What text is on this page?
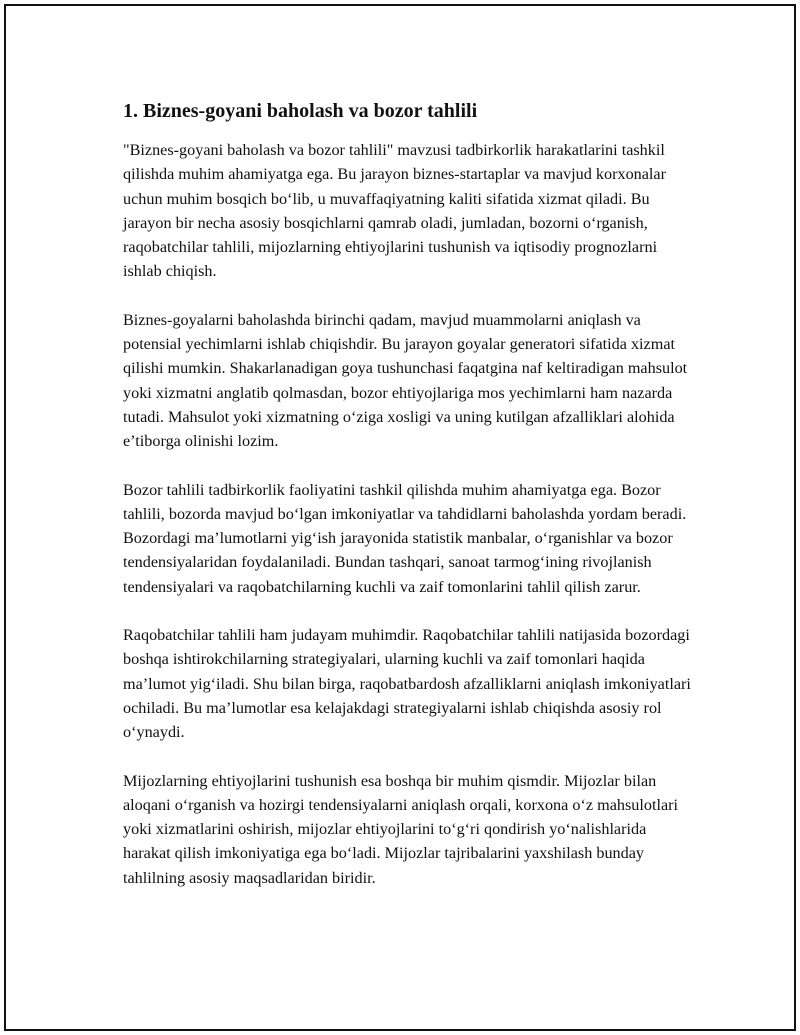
1. Biznes-goyani baholash va bozor tahlili

"Biznes-goyani baholash va bozor tahlili" mavzusi tadbirkorlik harakatlarini tashkil qilishda muhim ahamiyatga ega. Bu jarayon biznes-startaplar va mavjud korxonalar uchun muhim bosqich bo‘lib, u muvaffaqiyatning kaliti sifatida xizmat qiladi. Bu jarayon bir necha asosiy bosqichlarni qamrab oladi, jumladan, bozorni o‘rganish, raqobatchilar tahlili, mijozlarning ehtiyojlarini tushunish va iqtisodiy prognozlarni ishlab chiqish.

Biznes-goyalarni baholashda birinchi qadam, mavjud muammolarni aniqlash va potensial yechimlarni ishlab chiqishdir. Bu jarayon goyalar generatori sifatida xizmat qilishi mumkin. Shakarlanadigan goya tushunchasi faqatgina naf keltiradigan mahsulot yoki xizmatni anglatib qolmasdan, bozor ehtiyojlariga mos yechimlarni ham nazarda tutadi. Mahsulot yoki xizmatning o‘ziga xosligi va uning kutilgan afzalliklari alohida e’tiborga olinishi lozim.

Bozor tahlili tadbirkorlik faoliyatini tashkil qilishda muhim ahamiyatga ega. Bozor tahlili, bozorda mavjud bo‘lgan imkoniyatlar va tahdidlarni baholashda yordam beradi. Bozordagi ma’lumotlarni yig‘ish jarayonida statistik manbalar, o‘rganishlar va bozor tendensiyalaridan foydalaniladi. Bundan tashqari, sanoat tarmog‘ining rivojlanish tendensiyalari va raqobatchilarning kuchli va zaif tomonlarini tahlil qilish zarur.

Raqobatchilar tahlili ham judayam muhimdir. Raqobatchilar tahlili natijasida bozordagi boshqa ishtirokchilarning strategiyalari, ularning kuchli va zaif tomonlari haqida ma’lumot yig‘iladi. Shu bilan birga, raqobatbardosh afzalliklarni aniqlash imkoniyatlari ochiladi. Bu ma’lumotlar esa kelajakdagi strategiyalarni ishlab chiqishda asosiy rol o‘ynaydi.

Mijozlarning ehtiyojlarini tushunish esa boshqa bir muhim qismdir. Mijozlar bilan aloqani o‘rganish va hozirgi tendensiyalarni aniqlash orqali, korxona o‘z mahsulotlari yoki xizmatlarini oshirish, mijozlar ehtiyojlarini to‘g‘ri qondirish yo‘nalishlarida harakat qilish imkoniyatiga ega bo‘ladi. Mijozlar tajribalarini yaxshilash bunday tahlilning asosiy maqsadlaridan biridir.
